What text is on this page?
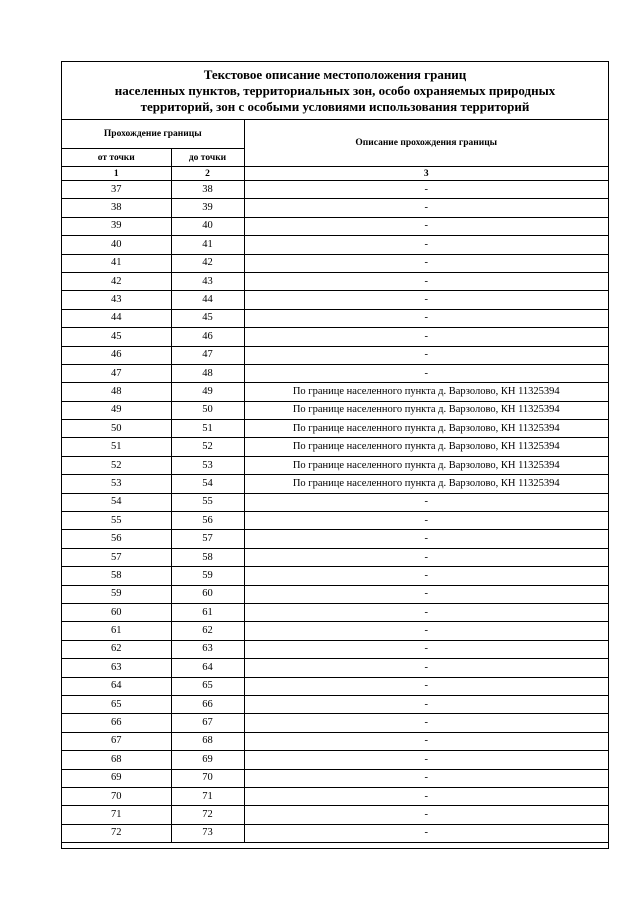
Текстовое описание местоположения границ
населенных пунктов, территориальных зон, особо охраняемых природных
территорий, зон с особыми условиями использования территорий
Прохождение границы		Описание прохождения границы
от точки	до точки	
1	2	3
37	38	-
38	39	-
39	40	-
40	41	-
41	42	-
42	43	-
43	44	-
44	45	-
45	46	-
46	47	-
47	48	-
48	49	По границе населенного пункта д. Варзолово, КН 11325394
49	50	По границе населенного пункта д. Варзолово, КН 11325394
50	51	По границе населенного пункта д. Варзолово, КН 11325394
51	52	По границе населенного пункта д. Варзолово, КН 11325394
52	53	По границе населенного пункта д. Варзолово, КН 11325394
53	54	По границе населенного пункта д. Варзолово, КН 11325394
54	55	-
55	56	-
56	57	-
57	58	-
58	59	-
59	60	-
60	61	-
61	62	-
62	63	-
63	64	-
64	65	-
65	66	-
66	67	-
67	68	-
68	69	-
69	70	-
70	71	-
71	72	-
72	73	-
